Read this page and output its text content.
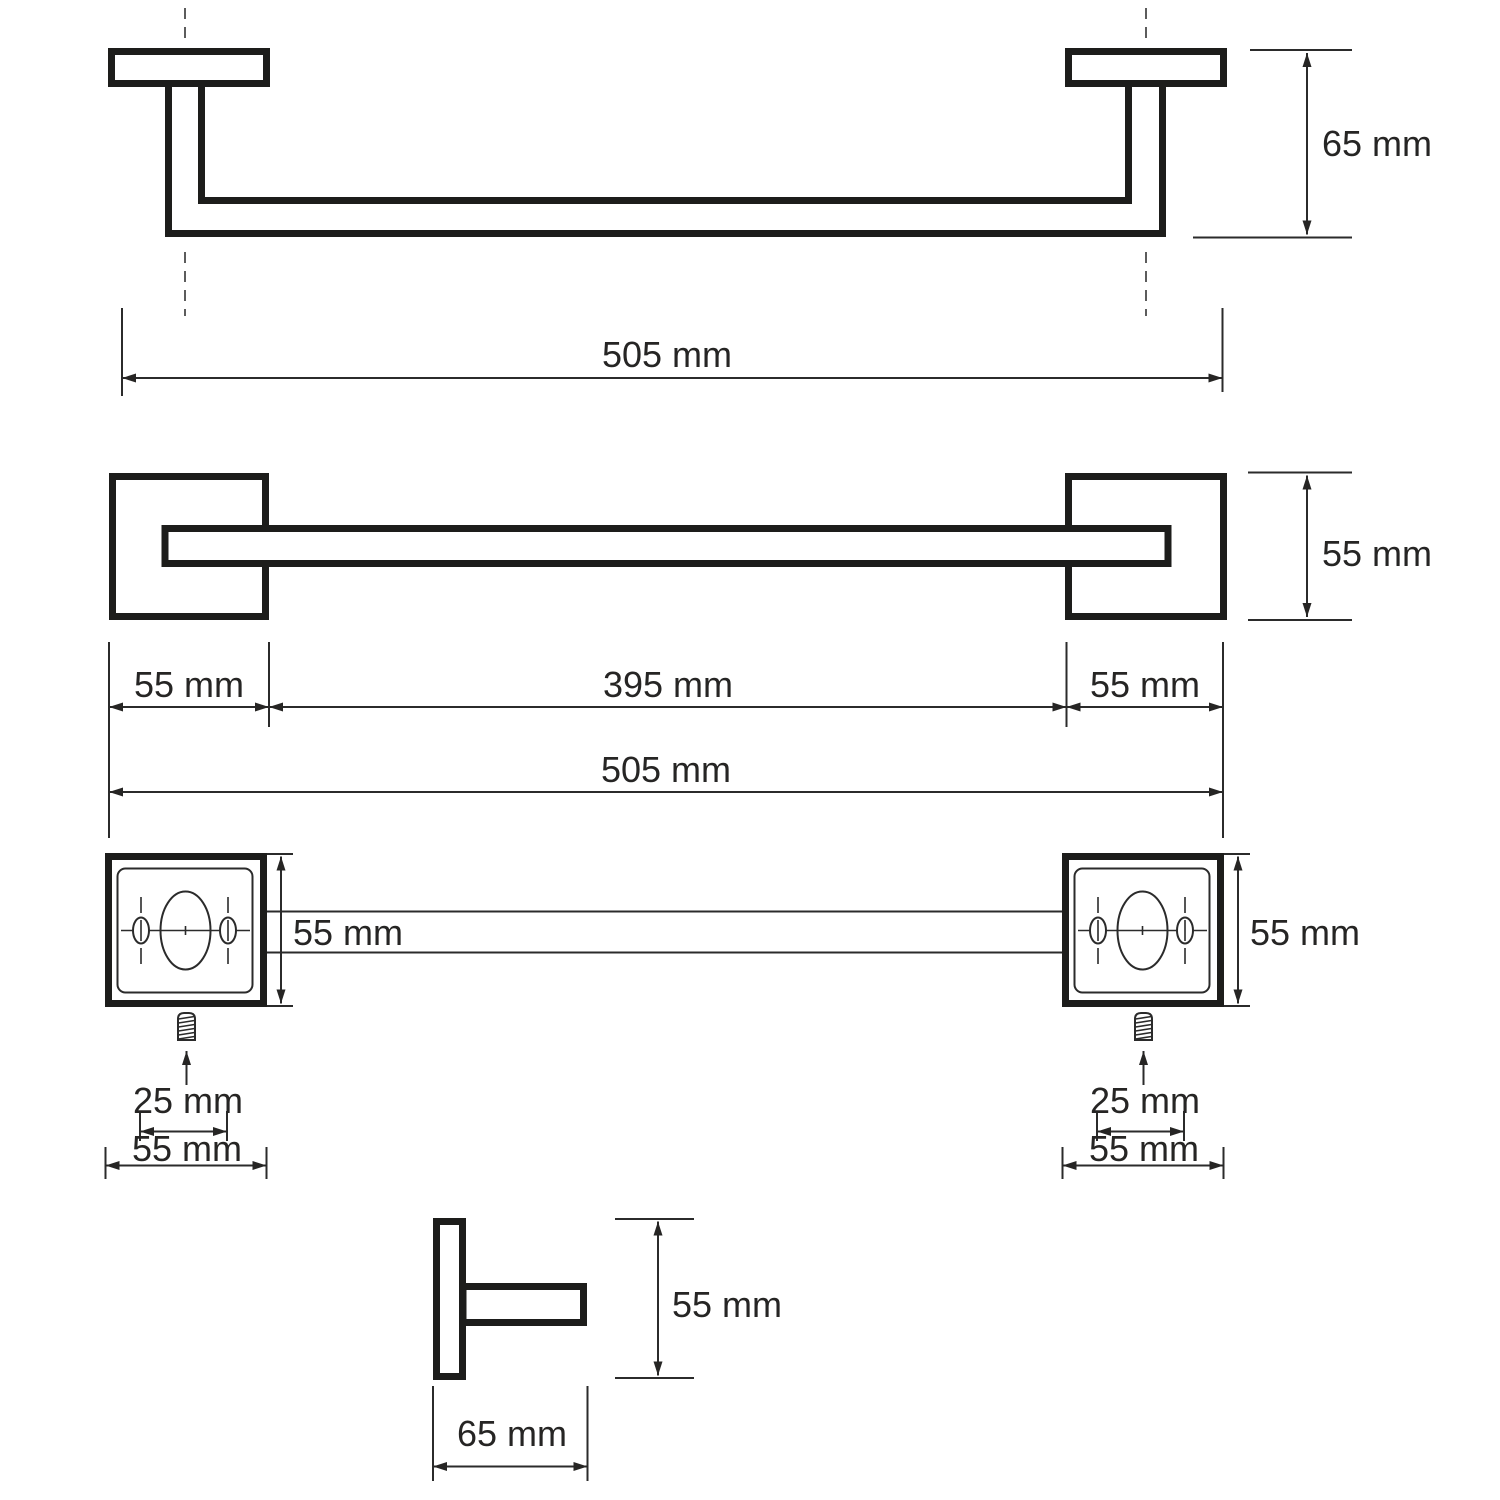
65 mm
505 mm
55 mm
55 mm	395 mm	55 mm
505 mm
55 mm
25 mm
55 mm
55 mm
25 mm
55 mm
55 mm
65 mm
